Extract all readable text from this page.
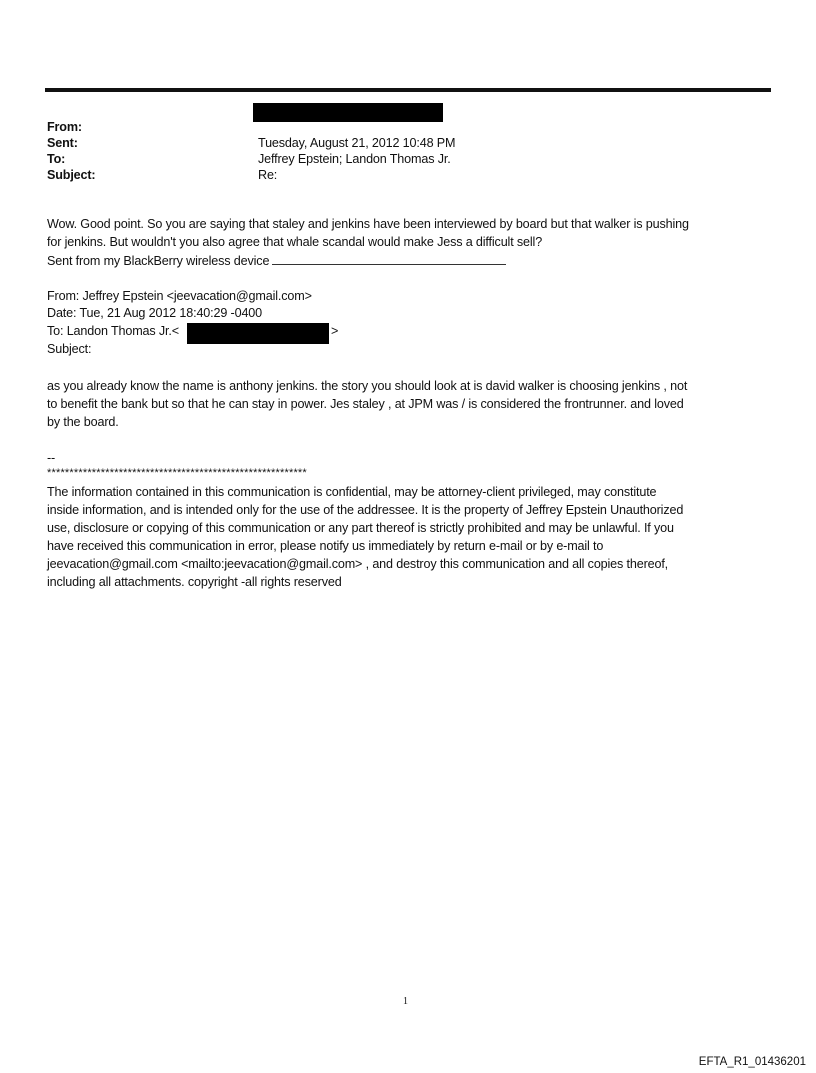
From:
Sent:	Tuesday, August 21, 2012 10:48 PM
To:	Jeffrey Epstein; Landon Thomas Jr.
Subject:	Re:
Wow. Good point. So you are saying that staley and jenkins have been interviewed by board but that walker is pushing
for jenkins. But wouldn't you also agree that whale scandal would make Jess a difficult sell?
Sent from my BlackBerry wireless device
From: Jeffrey Epstein <jeevacation@gmail.com>
Date: Tue, 21 Aug 2012 18:40:29 -0400
To: Landon Thomas Jr.<	>
Subject:
as you already know the name is anthony jenkins. the story you should look at is david walker is choosing jenkins , not
to benefit the bank but so that he can stay in power. Jes staley , at JPM was / is considered the frontrunner. and loved
by the board.
--
**********************************************************
The information contained in this communication is confidential, may be attorney-client privileged, may constitute
inside information, and is intended only for the use of the addressee. It is the property of Jeffrey Epstein Unauthorized
use, disclosure or copying of this communication or any part thereof is strictly prohibited and may be unlawful. If you
have received this communication in error, please notify us immediately by return e-mail or by e-mail to
jeevacation@gmail.com <mailto:jeevacation@gmail.com> , and destroy this communication and all copies thereof,
including all attachments. copyright -all rights reserved
1
EFTA_R1_01436201
